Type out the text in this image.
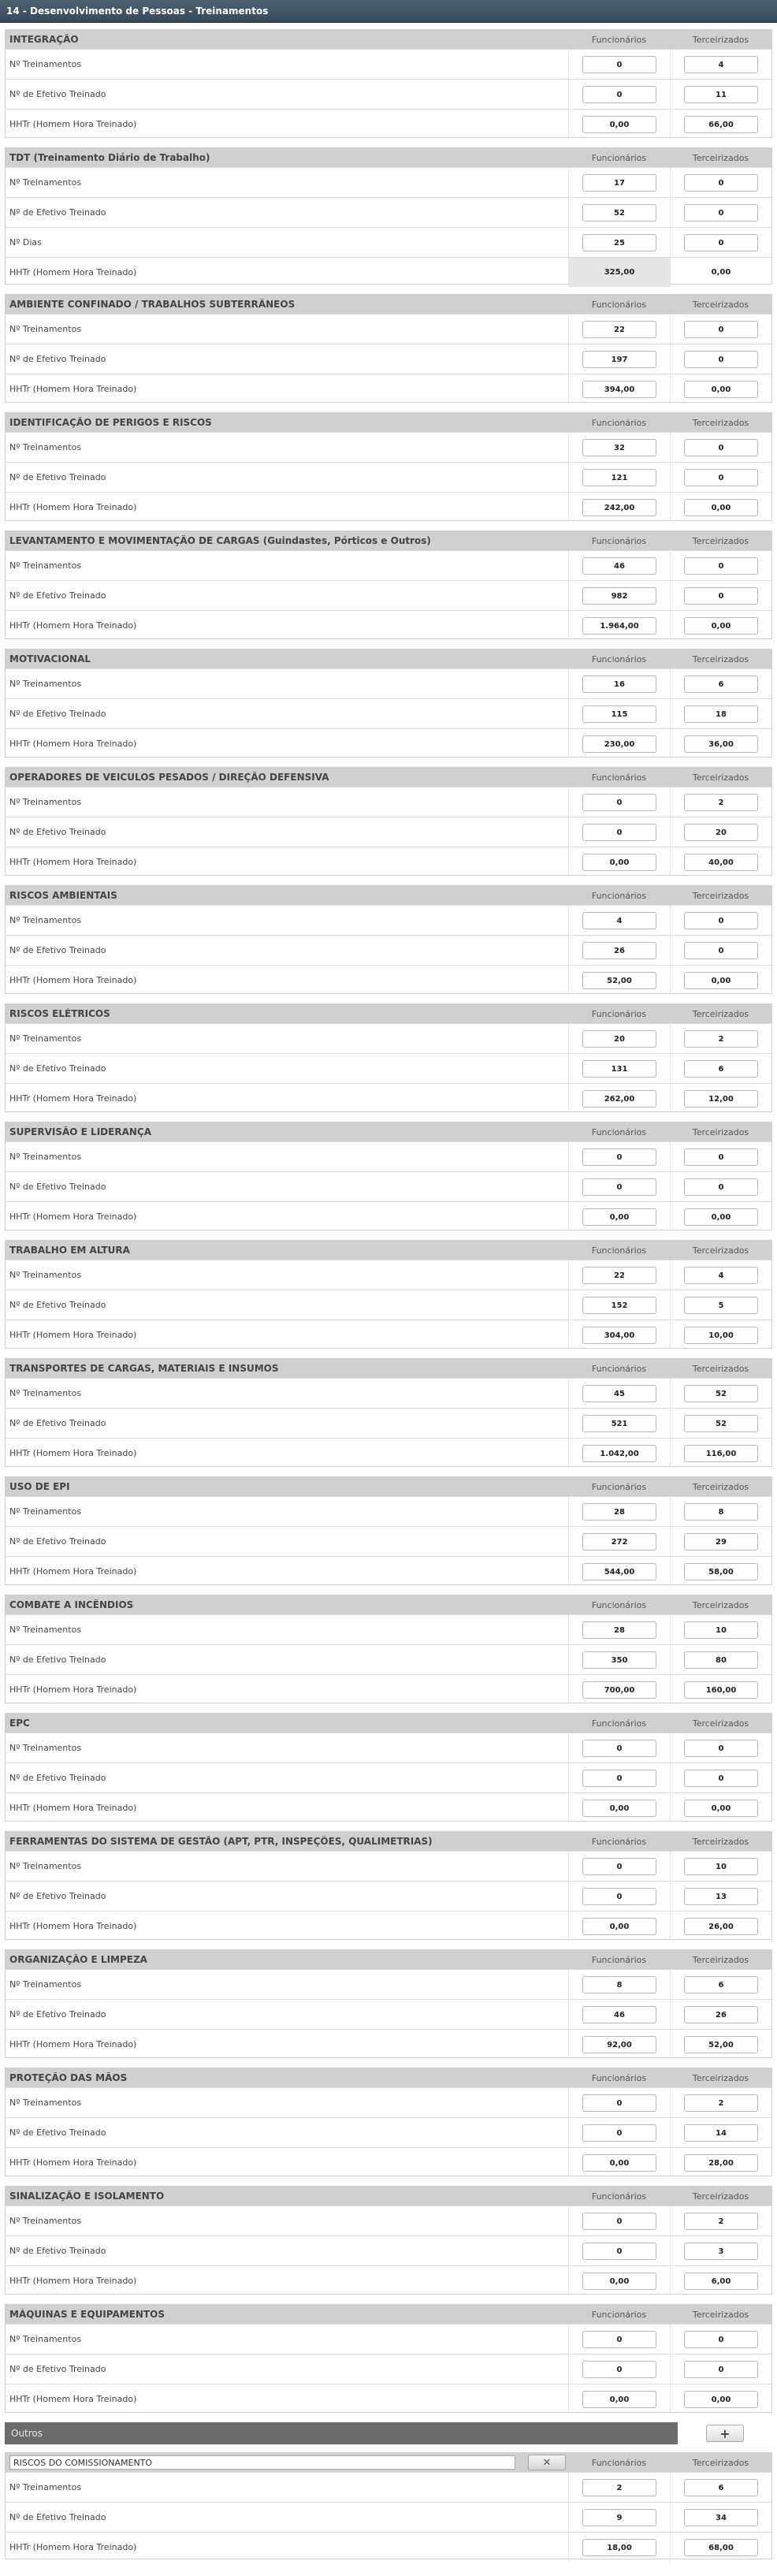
14 - Desenvolvimento de Pessoas - Treinamentos
INTEGRAÇÃO	Funcionários	Terceirizados
Nº Treinamentos	0	4
Nº de Efetivo Treinado	0	11
HHTr (Homem Hora Treinado)	0,00	66,00
TDT (Treinamento Diário de Trabalho)	Funcionários	Terceirizados
Nº Treinamentos	17	0
Nº de Efetivo Treinado	52	0
Nº Dias	25	0
HHTr (Homem Hora Treinado)	325,00	0,00
AMBIENTE CONFINADO / TRABALHOS SUBTERRÂNEOS	Funcionários	Terceirizados
Nº Treinamentos	22	0
Nº de Efetivo Treinado	197	0
HHTr (Homem Hora Treinado)	394,00	0,00
IDENTIFICAÇÃO DE PERIGOS E RISCOS	Funcionários	Terceirizados
Nº Treinamentos	32	0
Nº de Efetivo Treinado	121	0
HHTr (Homem Hora Treinado)	242,00	0,00
LEVANTAMENTO E MOVIMENTAÇÃO DE CARGAS (Guindastes, Pórticos e Outros)	Funcionários	Terceirizados
Nº Treinamentos	46	0
Nº de Efetivo Treinado	982	0
HHTr (Homem Hora Treinado)	1.964,00	0,00
MOTIVACIONAL	Funcionários	Terceirizados
Nº Treinamentos	16	6
Nº de Efetivo Treinado	115	18
HHTr (Homem Hora Treinado)	230,00	36,00
OPERADORES DE VEICULOS PESADOS / DIREÇÃO DEFENSIVA	Funcionários	Terceirizados
Nº Treinamentos	0	2
Nº de Efetivo Treinado	0	20
HHTr (Homem Hora Treinado)	0,00	40,00
RISCOS AMBIENTAIS	Funcionários	Terceirizados
Nº Treinamentos	4	0
Nº de Efetivo Treinado	26	0
HHTr (Homem Hora Treinado)	52,00	0,00
RISCOS ELÉTRICOS	Funcionários	Terceirizados
Nº Treinamentos	20	2
Nº de Efetivo Treinado	131	6
HHTr (Homem Hora Treinado)	262,00	12,00
SUPERVISÃO E LIDERANÇA	Funcionários	Terceirizados
Nº Treinamentos	0	0
Nº de Efetivo Treinado	0	0
HHTr (Homem Hora Treinado)	0,00	0,00
TRABALHO EM ALTURA	Funcionários	Terceirizados
Nº Treinamentos	22	4
Nº de Efetivo Treinado	152	5
HHTr (Homem Hora Treinado)	304,00	10,00
TRANSPORTES DE CARGAS, MATERIAIS E INSUMOS	Funcionários	Terceirizados
Nº Treinamentos	45	52
Nº de Efetivo Treinado	521	52
HHTr (Homem Hora Treinado)	1.042,00	116,00
USO DE EPI	Funcionários	Terceirizados
Nº Treinamentos	28	8
Nº de Efetivo Treinado	272	29
HHTr (Homem Hora Treinado)	544,00	58,00
COMBATE A INCÊNDIOS	Funcionários	Terceirizados
Nº Treinamentos	28	10
Nº de Efetivo Treinado	350	80
HHTr (Homem Hora Treinado)	700,00	160,00
EPC	Funcionários	Terceirizados
Nº Treinamentos	0	0
Nº de Efetivo Treinado	0	0
HHTr (Homem Hora Treinado)	0,00	0,00
FERRAMENTAS DO SISTEMA DE GESTÃO (APT, PTR, INSPEÇÕES, QUALIMETRIAS)	Funcionários	Terceirizados
Nº Treinamentos	0	10
Nº de Efetivo Treinado	0	13
HHTr (Homem Hora Treinado)	0,00	26,00
ORGANIZAÇÃO E LIMPEZA	Funcionários	Terceirizados
Nº Treinamentos	8	6
Nº de Efetivo Treinado	46	26
HHTr (Homem Hora Treinado)	92,00	52,00
PROTEÇÃO DAS MÃOS	Funcionários	Terceirizados
Nº Treinamentos	0	2
Nº de Efetivo Treinado	0	14
HHTr (Homem Hora Treinado)	0,00	28,00
SINALIZAÇÃO E ISOLAMENTO	Funcionários	Terceirizados
Nº Treinamentos	0	2
Nº de Efetivo Treinado	0	3
HHTr (Homem Hora Treinado)	0,00	6,00
MÁQUINAS E EQUIPAMENTOS	Funcionários	Terceirizados
Nº Treinamentos	0	0
Nº de Efetivo Treinado	0	0
HHTr (Homem Hora Treinado)	0,00	0,00
Outros	+
RISCOS DO COMISSIONAMENTO	✕	Funcionários	Terceirizados
Nº Treinamentos	2	6
Nº de Efetivo Treinado	9	34
HHTr (Homem Hora Treinado)	18,00	68,00
